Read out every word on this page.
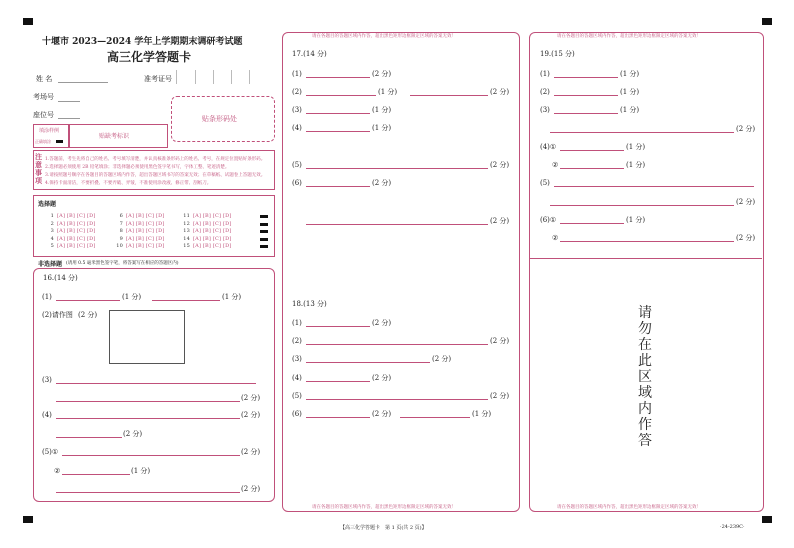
十堰市 2023—2024 学年上学期期末调研考试题
高三化学答题卡
姓 名	准考证号
考场号
座位号	贴条形码处
填涂样例
正确填涂
贴缺考标识
注
意
事
项
1.答题前，考生先将自己的姓名、考号填写清楚，并认真核准条形码上的姓名、考号，在规定位置贴好条形码。
2.选择题必须使用 2B 铅笔填涂；非选择题必须使用黑色签字笔书写，字体工整、笔迹清楚。
3.请按照题号顺序在各题目的答题区域内作答，超出答题区域书写的答案无效；在草稿纸、试题卷上答题无效。
4.保持卡面清洁，不要折叠、不要弄破、弄皱，不准使用涂改液、修正带、刮纸刀。
选择题
1 [A] [B] [C] [D]
2 [A] [B] [C] [D]
3 [A] [B] [C] [D]
4 [A] [B] [C] [D]
5 [A] [B] [C] [D]
6 [A] [B] [C] [D]
7 [A] [B] [C] [D]
8 [A] [B] [C] [D]
9 [A] [B] [C] [D]
10 [A] [B] [C] [D]
11 [A] [B] [C] [D]
12 [A] [B] [C] [D]
13 [A] [B] [C] [D]
14 [A] [B] [C] [D]
15 [A] [B] [C] [D]
非选择题 (请用 0.5 毫米黑色签字笔，将答案写在相应的答题区内)
16.(14 分)
(1)	(1 分)	(1 分)
(2)请作图 (2 分)
(3)
(2 分)
(4)	(2 分)
(2 分)
(5)①	(2 分)
②	(1 分)
(2 分)
请在各题目的答题区域内作答，超出黑色矩形边框限定区域的答案无效！
请在各题目的答题区域内作答，超出黑色矩形边框限定区域的答案无效！
17.(14 分)
(1)	(2 分)
(2)	(1 分)	(2 分)
(3)	(1 分)
(4)	(1 分)
(5)	(2 分)
(6)	(2 分)
(2 分)
18.(13 分)
(1)	(2 分)
(2)	(2 分)
(3)	(2 分)
(4)	(2 分)
(5)	(2 分)
(6)	(2 分)	(1 分)
请在各题目的答题区域内作答，超出黑色矩形边框限定区域的答案无效！
请在各题目的答题区域内作答，超出黑色矩形边框限定区域的答案无效！
19.(15 分)
(1)	(1 分)
(2)	(1 分)
(3)	(1 分)
(2 分)
(4)①	(1 分)
②	(1 分)
(5)
(2 分)
(6)①	(1 分)
②	(2 分)
请
勿
在
此
区
域
内
作
答
【高三化学答题卡　第 1 页(共 2 页)】	·24-239C·
